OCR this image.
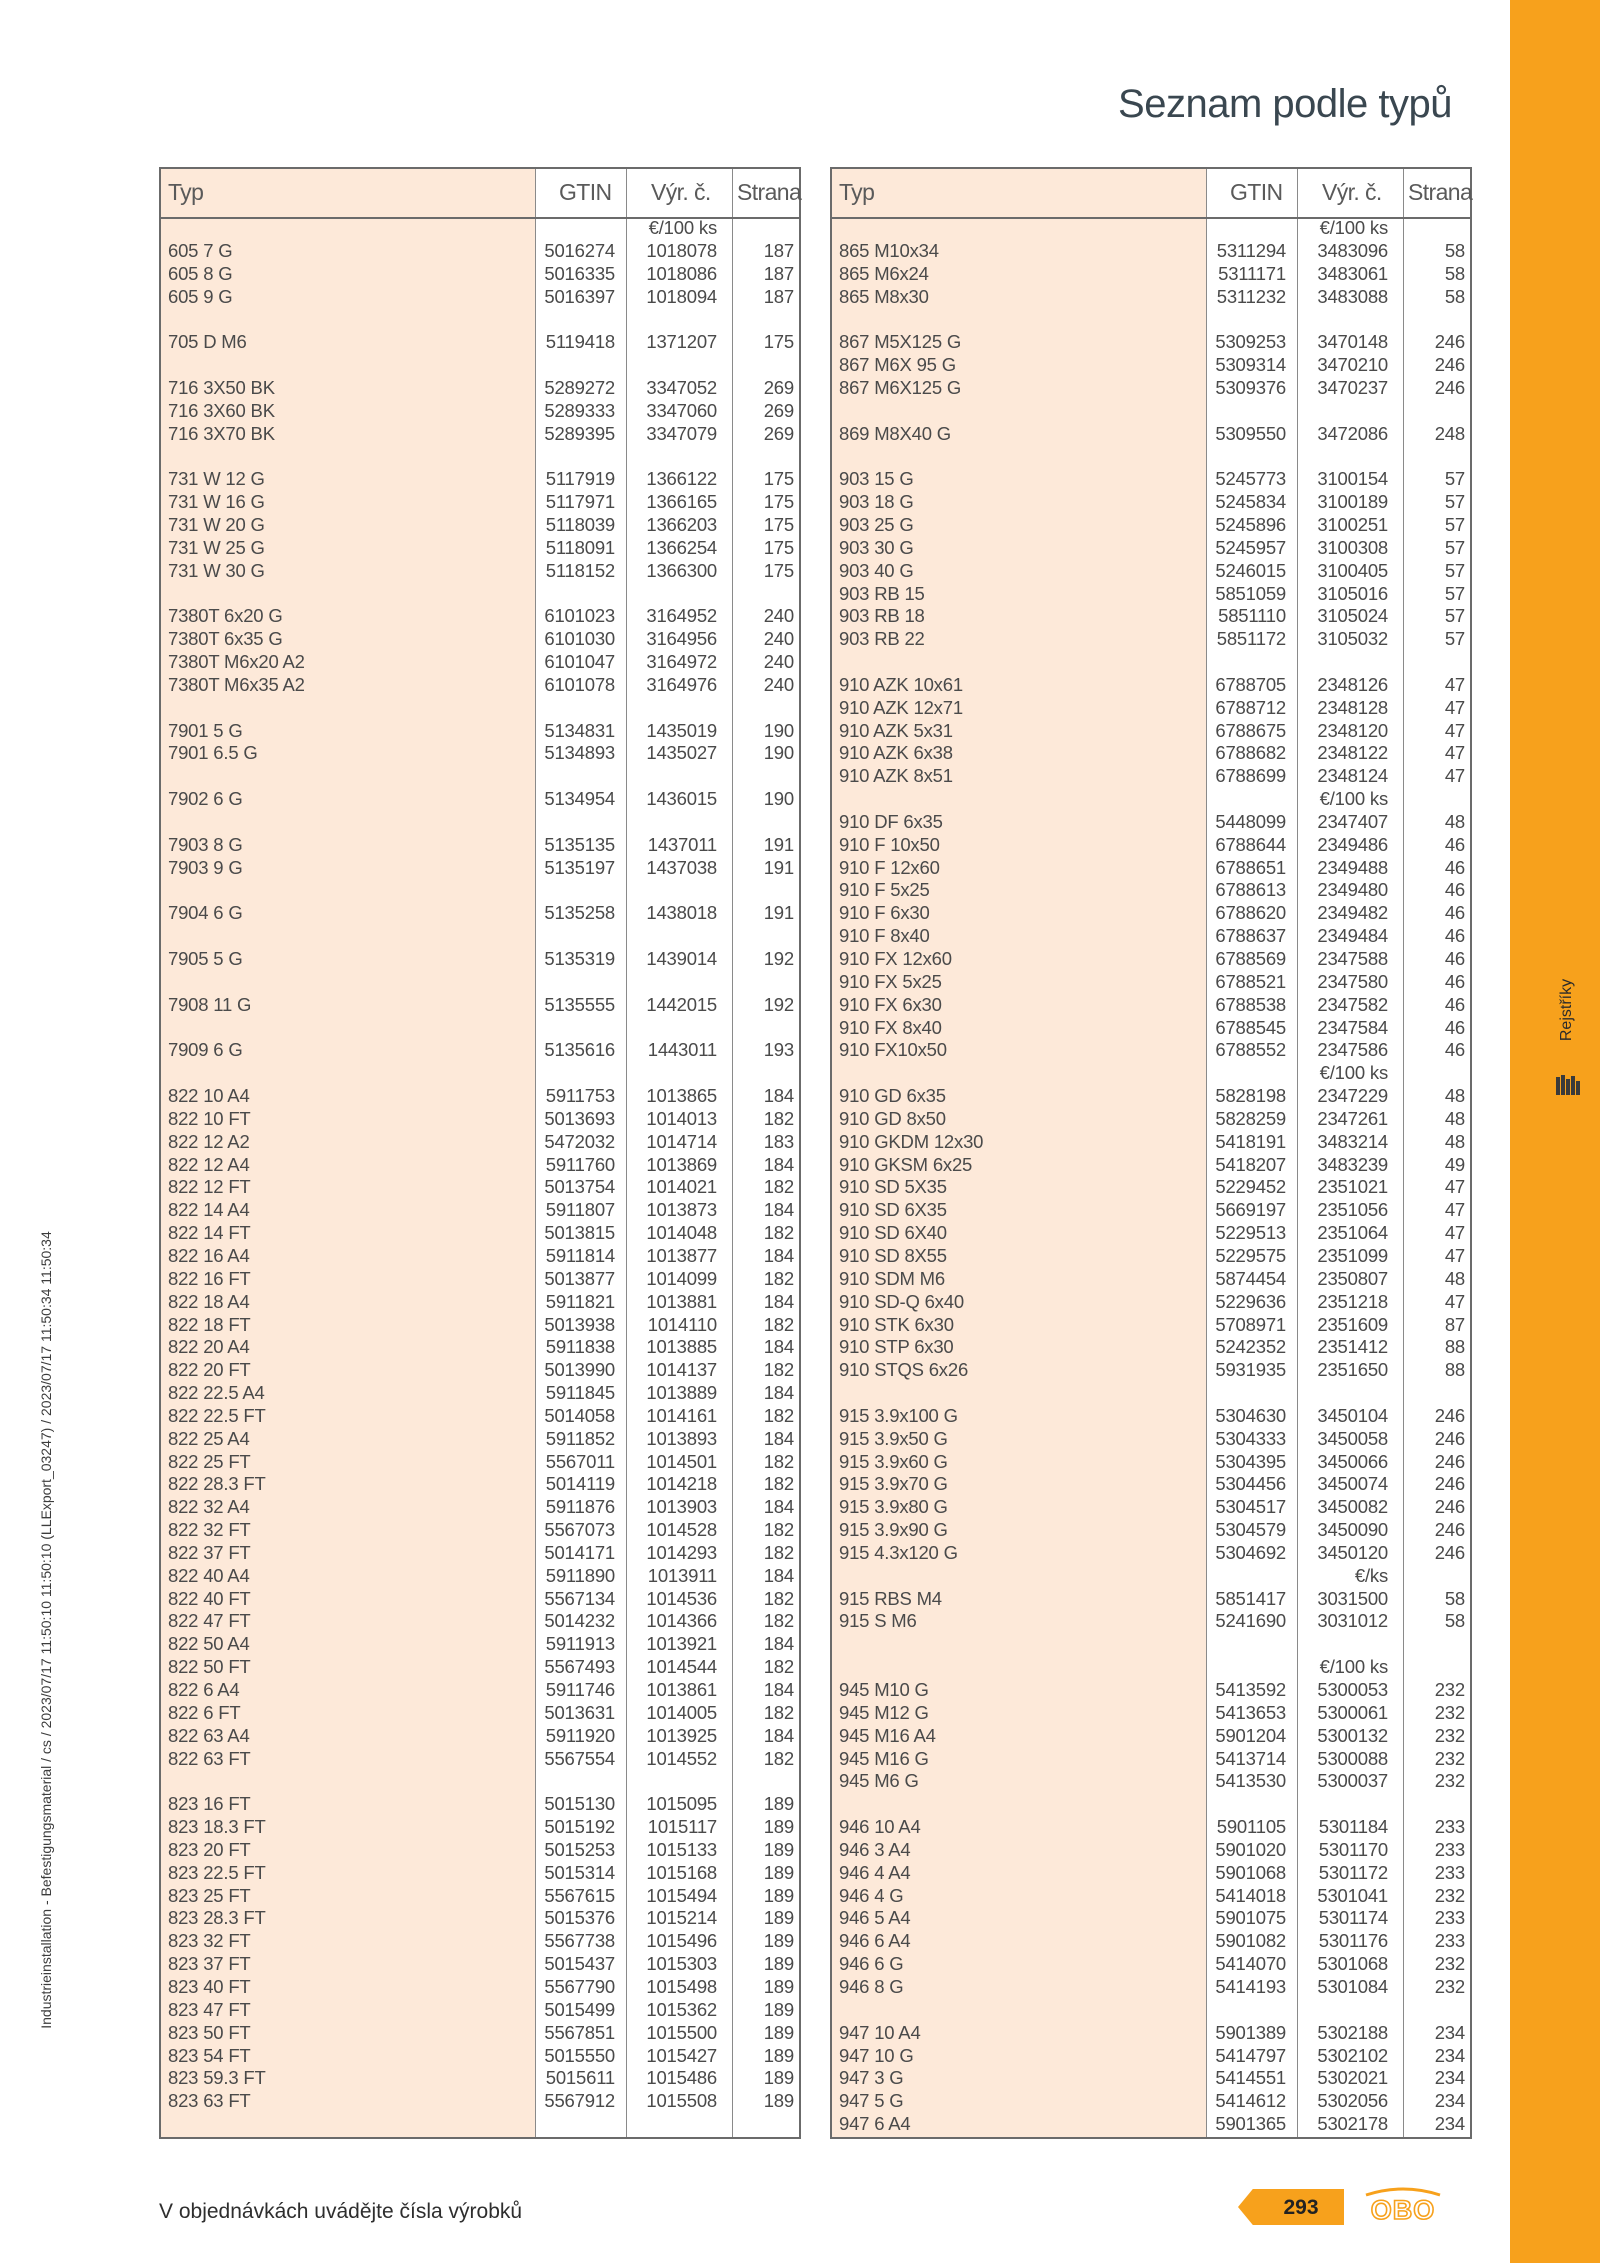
Rejstříky
Industrieinstallation - Befestigungsmaterial / cs / 2023/07/17 11:50:10 11:50:10 (LLExport_03247) / 2023/07/17 11:50:34 11:50:34
Seznam podle typů
Typ	GTIN Výr. č. Strana
€/100 ks
605 7 G	5016274 1018078	187
605 8 G	5016335 1018086	187
605 9 G	5016397 1018094	187
705 D M6	5119418 1371207	175
716 3X50 BK	5289272 3347052	269
716 3X60 BK	5289333 3347060	269
716 3X70 BK	5289395 3347079	269
731 W 12 G	5117919 1366122	175
731 W 16 G	5117971 1366165	175
731 W 20 G	5118039 1366203	175
731 W 25 G	5118091 1366254	175
731 W 30 G	5118152 1366300	175
7380T 6x20 G	6101023 3164952	240
7380T 6x35 G	6101030 3164956	240
7380T M6x20 A2	6101047 3164972	240
7380T M6x35 A2	6101078 3164976	240
7901 5 G	5134831 1435019	190
7901 6.5 G	5134893 1435027	190
7902 6 G	5134954 1436015	190
7903 8 G	5135135 1437011	191
7903 9 G	5135197 1437038	191
7904 6 G	5135258 1438018	191
7905 5 G	5135319 1439014	192
7908 11 G	5135555 1442015	192
7909 6 G	5135616 1443011	193
822 10 A4	5911753 1013865	184
822 10 FT	5013693 1014013	182
822 12 A2	5472032 1014714	183
822 12 A4	5911760 1013869	184
822 12 FT	5013754 1014021	182
822 14 A4	5911807 1013873	184
822 14 FT	5013815 1014048	182
822 16 A4	5911814 1013877	184
822 16 FT	5013877 1014099	182
822 18 A4	5911821 1013881	184
822 18 FT	5013938 1014110	182
822 20 A4	5911838 1013885	184
822 20 FT	5013990 1014137	182
822 22.5 A4	5911845 1013889	184
822 22.5 FT	5014058 1014161	182
822 25 A4	5911852 1013893	184
822 25 FT	5567011 1014501	182
822 28.3 FT	5014119 1014218	182
822 32 A4	5911876 1013903	184
822 32 FT	5567073 1014528	182
822 37 FT	5014171 1014293	182
822 40 A4	5911890 1013911	184
822 40 FT	5567134 1014536	182
822 47 FT	5014232 1014366	182
822 50 A4	5911913 1013921	184
822 50 FT	5567493 1014544	182
822 6 A4	5911746 1013861	184
822 6 FT	5013631 1014005	182
822 63 A4	5911920 1013925	184
822 63 FT	5567554 1014552	182
823 16 FT	5015130 1015095	189
823 18.3 FT	5015192 1015117	189
823 20 FT	5015253 1015133	189
823 22.5 FT	5015314 1015168	189
823 25 FT	5567615 1015494	189
823 28.3 FT	5015376 1015214	189
823 32 FT	5567738 1015496	189
823 37 FT	5015437 1015303	189
823 40 FT	5567790 1015498	189
823 47 FT	5015499 1015362	189
823 50 FT	5567851 1015500	189
823 54 FT	5015550 1015427	189
823 59.3 FT	5015611 1015486	189
823 63 FT	5567912 1015508	189
Typ	GTIN Výr. č. Strana
€/100 ks
865 M10x34	5311294 3483096	58
865 M6x24	5311171 3483061	58
865 M8x30	5311232 3483088	58
867 M5X125 G	5309253 3470148	246
867 M6X 95 G	5309314 3470210	246
867 M6X125 G	5309376 3470237	246
869 M8X40 G	5309550 3472086	248
903 15 G	5245773 3100154	57
903 18 G	5245834 3100189	57
903 25 G	5245896 3100251	57
903 30 G	5245957 3100308	57
903 40 G	5246015 3100405	57
903 RB 15	5851059 3105016	57
903 RB 18	5851110 3105024	57
903 RB 22	5851172 3105032	57
910 AZK 10x61	6788705 2348126	47
910 AZK 12x71	6788712 2348128	47
910 AZK 5x31	6788675 2348120	47
910 AZK 6x38	6788682 2348122	47
910 AZK 8x51	6788699 2348124	47
€/100 ks
910 DF 6x35	5448099 2347407	48
910 F 10x50	6788644 2349486	46
910 F 12x60	6788651 2349488	46
910 F 5x25	6788613 2349480	46
910 F 6x30	6788620 2349482	46
910 F 8x40	6788637 2349484	46
910 FX 12x60	6788569 2347588	46
910 FX 5x25	6788521 2347580	46
910 FX 6x30	6788538 2347582	46
910 FX 8x40	6788545 2347584	46
910 FX10x50	6788552 2347586	46
€/100 ks
910 GD 6x35	5828198 2347229	48
910 GD 8x50	5828259 2347261	48
910 GKDM 12x30	5418191 3483214	48
910 GKSM 6x25	5418207 3483239	49
910 SD 5X35	5229452 2351021	47
910 SD 6X35	5669197 2351056	47
910 SD 6X40	5229513 2351064	47
910 SD 8X55	5229575 2351099	47
910 SDM M6	5874454 2350807	48
910 SD-Q 6x40	5229636 2351218	47
910 STK 6x30	5708971 2351609	87
910 STP 6x30	5242352 2351412	88
910 STQS 6x26	5931935 2351650	88
915 3.9x100 G	5304630 3450104	246
915 3.9x50 G	5304333 3450058	246
915 3.9x60 G	5304395 3450066	246
915 3.9x70 G	5304456 3450074	246
915 3.9x80 G	5304517 3450082	246
915 3.9x90 G	5304579 3450090	246
915 4.3x120 G	5304692 3450120	246
€/ks
915 RBS M4	5851417 3031500	58
915 S M6	5241690 3031012	58
€/100 ks
945 M10 G	5413592 5300053	232
945 M12 G	5413653 5300061	232
945 M16 A4	5901204 5300132	232
945 M16 G	5413714 5300088	232
945 M6 G	5413530 5300037	232
946 10 A4	5901105 5301184	233
946 3 A4	5901020 5301170	233
946 4 A4	5901068 5301172	233
946 4 G	5414018 5301041	232
946 5 A4	5901075 5301174	233
946 6 A4	5901082 5301176	233
946 6 G	5414070 5301068	232
946 8 G	5414193 5301084	232
947 10 A4	5901389 5302188	234
947 10 G	5414797 5302102	234
947 3 G	5414551 5302021	234
947 5 G	5414612 5302056	234
947 6 A4	5901365 5302178	234
V objednávkách uvádějte čísla výrobků	293	OBO
